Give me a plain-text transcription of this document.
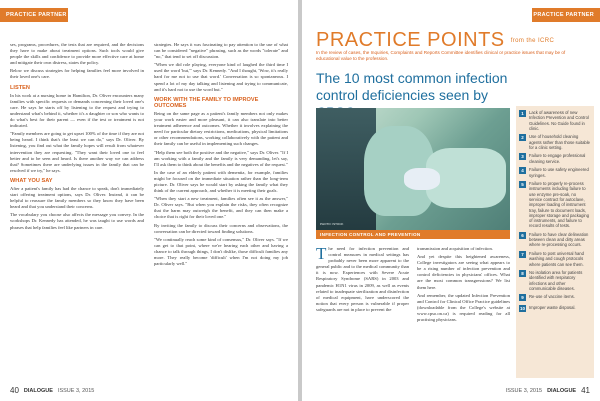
PRACTICE PARTNER

ses, programs, procedures, the tests that are required, and the decisions they have to make about treatment options. Such tools would give people the skills and confidence to provide more effective care at home and mitigate their own distress, states the policy.

Below we discuss strategies for helping families feel more involved in their loved one's care.

LISTEN

In his work at a nursing home in Hamilton, Dr. Oliver encounters many families with specific requests or demands concerning their loved one's care. He says he starts off by listening to the request and trying to understand what's behind it, whether it's a daughter or son who wants to do what's best for their parent — even if the test or treatment is not indicated.

"Family members are going to get upset 100% of the time if they are not being heard. I think that's the least we can do," says Dr. Oliver. By listening, you find out what the family hopes will result from whatever intervention they are requesting. "They want their loved one to feel better and to be seen and heard. Is there another way we can address that? Sometimes there are underlying issues in the family that can be resolved if we try," he says.

WHAT YOU SAY

After a patient's family has had the chance to speak, don't immediately start offering treatment options, says Dr. Oliver. Instead, it can be helpful to reassure the family members so they know they have been heard and that you understand their concerns.

The vocabulary you choose also affects the message you convey. In the workshops Dr. Kennedy has attended, he was taught to use words and phrases that help families feel like partners in care.

strategies. He says it was fascinating to pay attention to the use of what can be considered "negative" phrasing, such as the words "tolerate" and "no," that tend to set off discussion.

"When we did role playing, everyone kind of laughed the third time I used the word 'but,'" says Dr. Kennedy. "And I thought, 'Wow, it's really hard for me not to use that word.' Conversation is so spontaneous. I spend a lot of my day talking and listening and trying to communicate, and it's hard not to use the word but."

WORK WITH THE FAMILY TO IMPROVE OUTCOMES

Being on the same page as a patient's family members not only makes your work easier and more pleasant, it can also translate into better treatment adherence and outcomes. Whether it involves explaining the need for particular dietary restrictions, medications, physical limitations or other recommendations, working collaboratively with the patient and their family can be useful in implementing such changes.

"Help them see both the positive and the negative," says Dr. Oliver. "If I am working with a family and the family is very demanding, let's say, I'll ask them to think about the benefits and the negatives of the request."

In the case of an elderly patient with dementia, for example, families might be focused on the immediate situation rather than the long-term picture. Dr. Oliver says he would start by asking the family what they think of the current approach, and whether it is meeting their goals.

"When they start a new treatment, families often see it as the answer," Dr. Oliver says. "But when you explain the risks, they often recognize that the harm may outweigh the benefit, and they can then make a choice that is right for their loved one."

By inviting the family to discuss their concerns and observations, the conversation can be directed toward finding solutions.

"We continually reach some kind of consensus," Dr. Oliver says. "If we can get to that point, where we're hearing each other and having a chance to talk through things, I don't dislike, those difficult families any more. They really become 'difficult' when I'm not doing my job particularly well."

40 DIALOGUE ISSUE 3, 2015
PRACTICE PARTNER
PRACTICE POINTS $^{from the ICRC}$
In the review of cases, the Inquiries, Complaints and Reports Committee identifies clinical or practice issues that may be of educational value to the profession.
The 10 most common infection control deficiencies seen by
PHOTO: ISTOCK
INFECTION CONTROL AND PREVENTION

The need for infection prevention and control measures in medical settings has probably never been more apparent to the general public and to the medical community than it is now. Experiences with Severe Acute Respiratory Syndrome (SARS) in 2003 and pandemic H1N1 virus in 2009, as well as events related to inadequate sterilization and disinfection of medical equipment, have underscored the notion that every person is vulnerable if proper safeguards are not in place to prevent the

transmission and acquisition of infection.

And yet despite this heightened awareness, College investigators are seeing what appears to be a rising number of infection prevention and control deficiencies in physicians' offices. What are the most common transgressions? We list them here.

And remember, the updated Infection Prevention and Control for Clinical Office Practice guidelines (downloadable from the College's website at www.cpso.on.ca) is required reading for all practising physicians.

1	Lack of awareness of new Infection Prevention and Control Guidelines. No Guide found in clinic.
2	Use of household cleaning agents rather than those suitable for a clinic setting.
3	Failure to engage professional cleaning service.
4	Failure to use safety engineered syringes.
5	Failure to properly re-process instruments including failure to use enzyme pre-soak, no service contract for autoclave, improper loading of instrument tray, failure to document loads, improper storage and packaging of instruments, and failure to record results of tests.
6	Failure to have clear delineation between clean and dirty areas where re-processing occurs.
7	Failure to post universal hand washing and cough protocols where patients can see them.
8	No isolation area for patients identified with respiratory infections and other communicable diseases.
9	Re-use of vaccine items.
10 Improper waste disposal.
ISSUE 3, 2015 DIALOGUE 41
